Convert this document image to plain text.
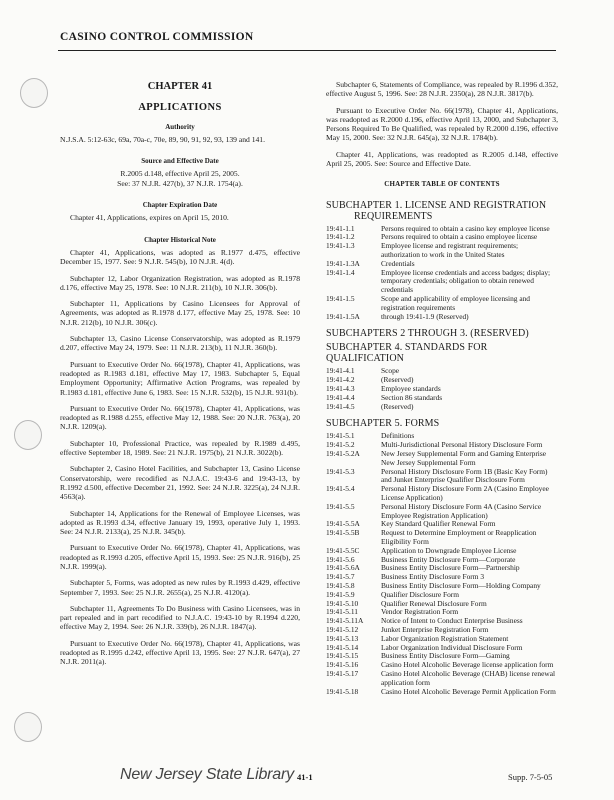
CASINO CONTROL COMMISSION
CHAPTER 41
APPLICATIONS
Authority

N.J.S.A. 5:12-63c, 69a, 70a-c, 70e, 89, 90, 91, 92, 93, 139 and 141.

Source and Effective Date
R.2005 d.148, effective April 25, 2005.
See: 37 N.J.R. 427(b), 37 N.J.R. 1754(a).
Chapter Expiration Date

Chapter 41, Applications, expires on April 15, 2010.

Chapter Historical Note

Chapter 41, Applications, was adopted as R.1977 d.475, effective December 15, 1977. See: 9 N.J.R. 545(b), 10 N.J.R. 4(d).

Subchapter 12, Labor Organization Registration, was adopted as R.1978 d.176, effective May 25, 1978. See: 10 N.J.R. 211(b), 10 N.J.R. 306(b).

Subchapter 11, Applications by Casino Licensees for Approval of Agreements, was adopted as R.1978 d.177, effective May 25, 1978. See: 10 N.J.R. 212(b), 10 N.J.R. 306(c).

Subchapter 13, Casino License Conservatorship, was adopted as R.1979 d.207, effective May 24, 1979. See: 11 N.J.R. 213(b), 11 N.J.R. 360(b).

Pursuant to Executive Order No. 66(1978), Chapter 41, Applications, was readopted as R.1983 d.181, effective May 17, 1983. Subchapter 5, Equal Employment Opportunity; Affirmative Action Programs, was repealed by R.1983 d.181, effective June 6, 1983. See: 15 N.J.R. 532(b), 15 N.J.R. 931(b).

Pursuant to Executive Order No. 66(1978), Chapter 41, Applications, was readopted as R.1988 d.255, effective May 12, 1988. See: 20 N.J.R. 763(a), 20 N.J.R. 1209(a).

Subchapter 10, Professional Practice, was repealed by R.1989 d.495, effective September 18, 1989. See: 21 N.J.R. 1975(b), 21 N.J.R. 3022(b).

Subchapter 2, Casino Hotel Facilities, and Subchapter 13, Casino License Conservatorship, were recodified as N.J.A.C. 19:43-6 and 19:43-13, by R.1992 d.500, effective December 21, 1992. See: 24 N.J.R. 3225(a), 24 N.J.R. 4563(a).

Subchapter 14, Applications for the Renewal of Employee Licenses, was adopted as R.1993 d.34, effective January 19, 1993, operative July 1, 1993. See: 24 N.J.R. 2133(a), 25 N.J.R. 345(b).

Pursuant to Executive Order No. 66(1978), Chapter 41, Applications, was readopted as R.1993 d.205, effective April 15, 1993. See: 25 N.J.R. 916(b), 25 N.J.R. 1999(a).

Subchapter 5, Forms, was adopted as new rules by R.1993 d.429, effective September 7, 1993. See: 25 N.J.R. 2655(a), 25 N.J.R. 4120(a).

Subchapter 11, Agreements To Do Business with Casino Licensees, was in part repealed and in part recodified to N.J.A.C. 19:43-10 by R.1994 d.220, effective May 2, 1994. See: 26 N.J.R. 339(b), 26 N.J.R. 1847(a).

Pursuant to Executive Order No. 66(1978), Chapter 41, Applications, was readopted as R.1995 d.242, effective April 13, 1995. See: 27 N.J.R. 647(a), 27 N.J.R. 2011(a).

Subchapter 6, Statements of Compliance, was repealed by R.1996 d.352, effective August 5, 1996. See: 28 N.J.R. 2350(a), 28 N.J.R. 3817(b).

Pursuant to Executive Order No. 66(1978), Chapter 41, Applications, was readopted as R.2000 d.196, effective April 13, 2000, and Subchapter 3, Persons Required To Be Qualified, was repealed by R.2000 d.196, effective May 15, 2000. See: 32 N.J.R. 645(a), 32 N.J.R. 1784(b).

Chapter 41, Applications, was readopted as R.2005 d.148, effective April 25, 2005. See: Source and Effective Date.

CHAPTER TABLE OF CONTENTS
SUBCHAPTER 1. LICENSE AND REGISTRATION
REQUIREMENTS
19:41-1.1	Persons required to obtain a casino key employee license
19:41-1.2	Persons required to obtain a casino employee license
19:41-1.3	Employee license and registrant requirements; authorization to work in the United States
19:41-1.3A	Credentials
19:41-1.4	Employee license credentials and access badges; display; temporary credentials; obligation to obtain renewed credentials
19:41-1.5	Scope and applicability of employee licensing and registration requirements
19:41-1.5A	through 19:41-1.9 (Reserved)
SUBCHAPTERS 2 THROUGH 3. (RESERVED)
SUBCHAPTER 4. STANDARDS FOR QUALIFICATION
19:41-4.1	Scope
19:41-4.2	(Reserved)
19:41-4.3	Employee standards
19:41-4.4	Section 86 standards
19:41-4.5	(Reserved)
SUBCHAPTER 5. FORMS
19:41-5.1	Definitions
19:41-5.2	Multi-Jurisdictional Personal History Disclosure Form
19:41-5.2A	New Jersey Supplemental Form and Gaming Enterprise New Jersey Supplemental Form
19:41-5.3	Personal History Disclosure Form 1B (Basic Key Form) and Junket Enterprise Qualifier Disclosure Form
19:41-5.4	Personal History Disclosure Form 2A (Casino Employee License Application)
19:41-5.5	Personal History Disclosure Form 4A (Casino Service Employee Registration Application)
19:41-5.5A	Key Standard Qualifier Renewal Form
19:41-5.5B	Request to Determine Employment or Reapplication Eligibility Form
19:41-5.5C	Application to Downgrade Employee License
19:41-5.6	Business Entity Disclosure Form—Corporate
19:41-5.6A	Business Entity Disclosure Form—Partnership
19:41-5.7	Business Entity Disclosure Form 3
19:41-5.8	Business Entity Disclosure Form—Holding Company
19:41-5.9	Qualifier Disclosure Form
19:41-5.10	Qualifier Renewal Disclosure Form
19:41-5.11	Vendor Registration Form
19:41-5.11A	Notice of Intent to Conduct Enterprise Business
19:41-5.12	Junket Enterprise Registration Form
19:41-5.13	Labor Organization Registration Statement
19:41-5.14	Labor Organization Individual Disclosure Form
19:41-5.15	Business Entity Disclosure Form—Gaming
19:41-5.16	Casino Hotel Alcoholic Beverage license application form
19:41-5.17	Casino Hotel Alcoholic Beverage (CHAB) license renewal application form
19:41-5.18	Casino Hotel Alcoholic Beverage Permit Application Form
New Jersey State Library 41-1	Supp. 7-5-05
